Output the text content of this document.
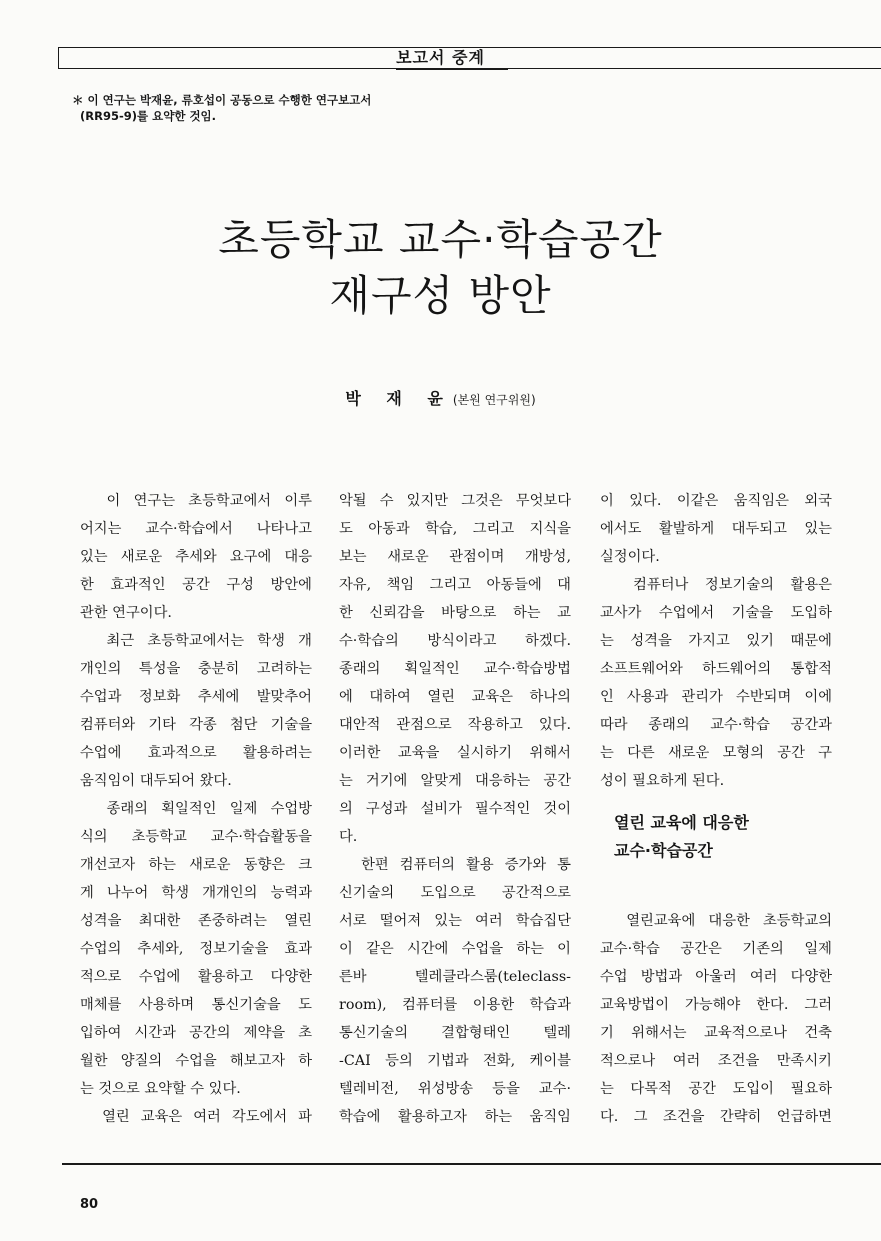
보고서 중계
＊ 이 연구는 박재윤, 류호섭이 공동으로 수행한 연구보고서
(RR95-9)를 요약한 것임.
초등학교 교수·학습공간
재구성 방안
박 재 윤(본원 연구위원)
이 연구는 초등학교에서 이루
어지는 교수·학습에서 나타나고
있는 새로운 추세와 요구에 대응
한 효과적인 공간 구성 방안에
관한 연구이다.
최근 초등학교에서는 학생 개
개인의 특성을 충분히 고려하는
수업과 정보화 추세에 발맞추어
컴퓨터와 기타 각종 첨단 기술을
수업에 효과적으로 활용하려는
움직임이 대두되어 왔다.
종래의 획일적인 일제 수업방
식의 초등학교 교수·학습활동을
개선코자 하는 새로운 동향은 크
게 나누어 학생 개개인의 능력과
성격을 최대한 존중하려는 열린
수업의 추세와, 정보기술을 효과
적으로 수업에 활용하고 다양한
매체를 사용하며 통신기술을 도
입하여 시간과 공간의 제약을 초
월한 양질의 수업을 해보고자 하
는 것으로 요약할 수 있다.
열린 교육은 여러 각도에서 파
악될 수 있지만 그것은 무엇보다
도 아동과 학습, 그리고 지식을
보는 새로운 관점이며 개방성,
자유, 책임 그리고 아동들에 대
한 신뢰감을 바탕으로 하는 교
수·학습의 방식이라고 하겠다.
종래의 획일적인 교수·학습방법
에 대하여 열린 교육은 하나의
대안적 관점으로 작용하고 있다.
이러한 교육을 실시하기 위해서
는 거기에 알맞게 대응하는 공간
의 구성과 설비가 필수적인 것이
다.
한편 컴퓨터의 활용 증가와 통
신기술의 도입으로 공간적으로
서로 떨어져 있는 여러 학습집단
이 같은 시간에 수업을 하는 이
른바 텔레클라스룸(teleclass-
room), 컴퓨터를 이용한 학습과
통신기술의 결합형태인 텔레
-CAI 등의 기법과 전화, 케이블
텔레비전, 위성방송 등을 교수·
학습에 활용하고자 하는 움직임
이 있다. 이같은 움직임은 외국
에서도 활발하게 대두되고 있는
실정이다.
컴퓨터나 정보기술의 활용은
교사가 수업에서 기술을 도입하
는 성격을 가지고 있기 때문에
소프트웨어와 하드웨어의 통합적
인 사용과 관리가 수반되며 이에
따라 종래의 교수·학습 공간과
는 다른 새로운 모형의 공간 구
성이 필요하게 된다.
열린 교육에 대응한
교수·학습공간
열린교육에 대응한 초등학교의
교수·학습 공간은 기존의 일제
수업 방법과 아울러 여러 다양한
교육방법이 가능해야 한다. 그러
기 위해서는 교육적으로나 건축
적으로나 여러 조건을 만족시키
는 다목적 공간 도입이 필요하
다. 그 조건을 간략히 언급하면
80
